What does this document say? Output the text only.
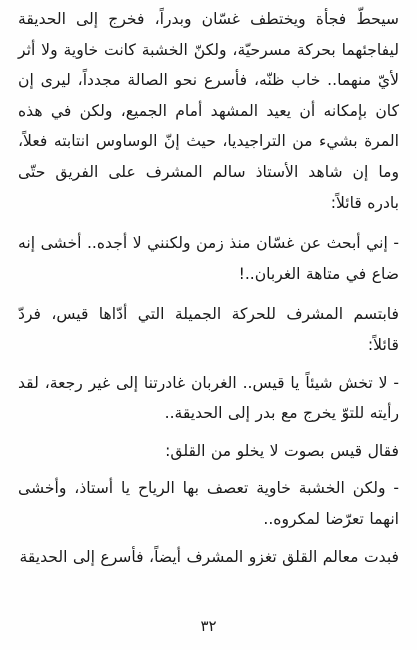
سيحطّ فجأة ويختطف غسّان وبدراً، فخرج إلى الحديقة ليفاجئهما بحركة مسرحيّة، ولكنّ الخشبة كانت خاوية ولا أثر لأيّ منهما.. خاب ظنّه، فأسرع نحو الصالة مجدداً، ليرى إن كان بإمكانه أن يعيد المشهد أمام الجميع، ولكن في هذه المرة بشيء من التراجيديا، حيث إنّ الوساوس انتابته فعلاً، وما إن شاهد الأستاذ سالم المشرف على الفريق حتّى بادره قائلاً:

- إني أبحث عن غسّان منذ زمن ولكنني لا أجده.. أخشى إنه ضاع في متاهة الغربان..!

فابتسم المشرف للحركة الجميلة التي أدّاها قيس، فردّ قائلاً:

- لا تخش شيئاً يا قيس.. الغربان غادرتنا إلى غير رجعة، لقد رأيته للتوّ يخرج مع بدر إلى الحديقة..

فقال قيس بصوت لا يخلو من القلق:

- ولكن الخشبة خاوية تعصف بها الرياح يا أستاذ، وأخشى انهما تعرّضا لمكروه..

فبدت معالم القلق تغزو المشرف أيضاً، فأسرع إلى الحديقة

٣٢
